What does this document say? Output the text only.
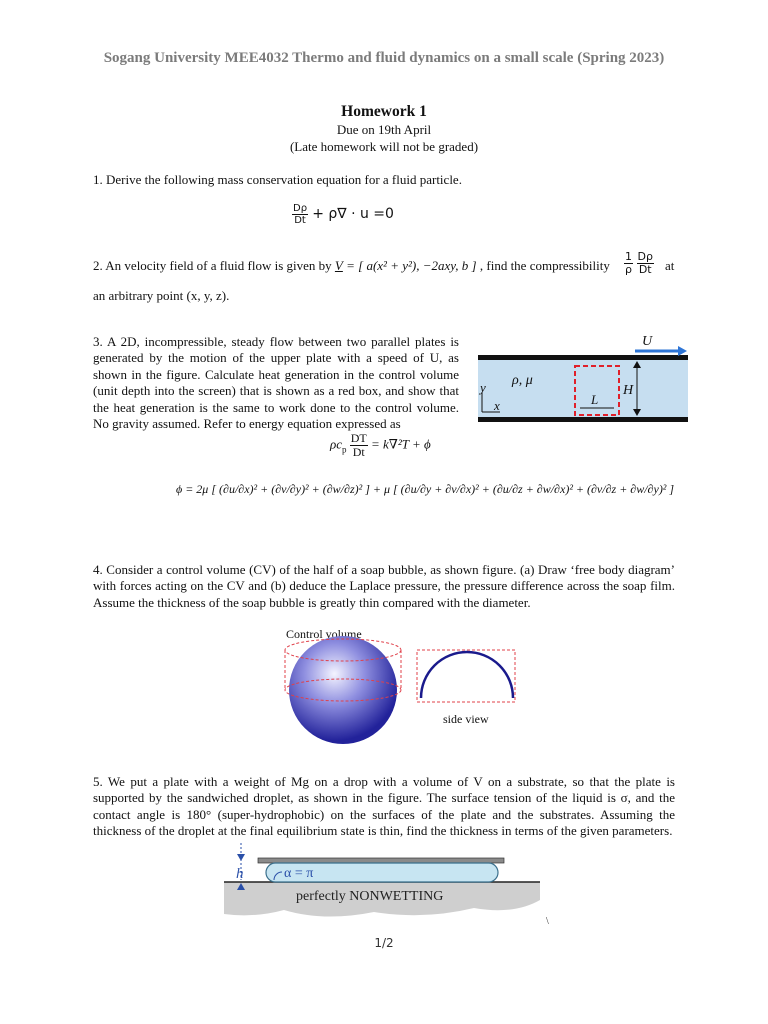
Sogang University MEE4032 Thermo and fluid dynamics on a small scale (Spring 2023)
Homework 1
Due on 19th April
(Late homework will not be graded)
1. Derive the following mass conservation equation for a fluid particle.
$\frac{D\rho}{Dt} + \rho\nabla \cdot u =0$
2. An velocity field of a fluid flow is given by V = [ a(x² + y²), −2axy, b ] , find the compressibility $\frac{1}{\rho}$
$\frac{D\rho}{Dt}$ at
an arbitrary point (x, y, z).
3. A 2D, incompressible, steady flow between two parallel plates is generated by the motion of the upper plate with a speed of U, as shown in the figure. Calculate heat generation in the control volume (unit depth into the screen) that is shown as a red box, and show that the heat generation is the same to work done to the control volume. No gravity assumed. Refer to energy equation expressed as
U
ρ, μ
L
H
y
x
$\rho c_p \frac{DT}{Dt} = k\nabla^2T + \phi$
ϕ = 2μ [ (∂u/∂x)² + (∂v/∂y)² + (∂w/∂z)² ] + μ [ (∂u/∂y + ∂v/∂x)² + (∂u/∂z + ∂w/∂x)² + (∂v/∂z + ∂w/∂y)² ]
4. Consider a control volume (CV) of the half of a soap bubble, as shown figure. (a) Draw ‘free body diagram’ with forces acting on the CV and (b) deduce the Laplace pressure, the pressure difference across the soap film. Assume the thickness of the soap bubble is greatly thin compared with the diameter.
Control volume
side view
5. We put a plate with a weight of Mg on a drop with a volume of V on a substrate, so that the plate is supported by the sandwiched droplet, as shown in the figure. The surface tension of the liquid is σ, and the contact angle is 180° (super-hydrophobic) on the surfaces of the plate and the substrates. Assuming the thickness of the droplet at the final equilibrium state is thin, find the thickness in terms of the given parameters.
h	α = π
perfectly NONWETTING
\
1/2
